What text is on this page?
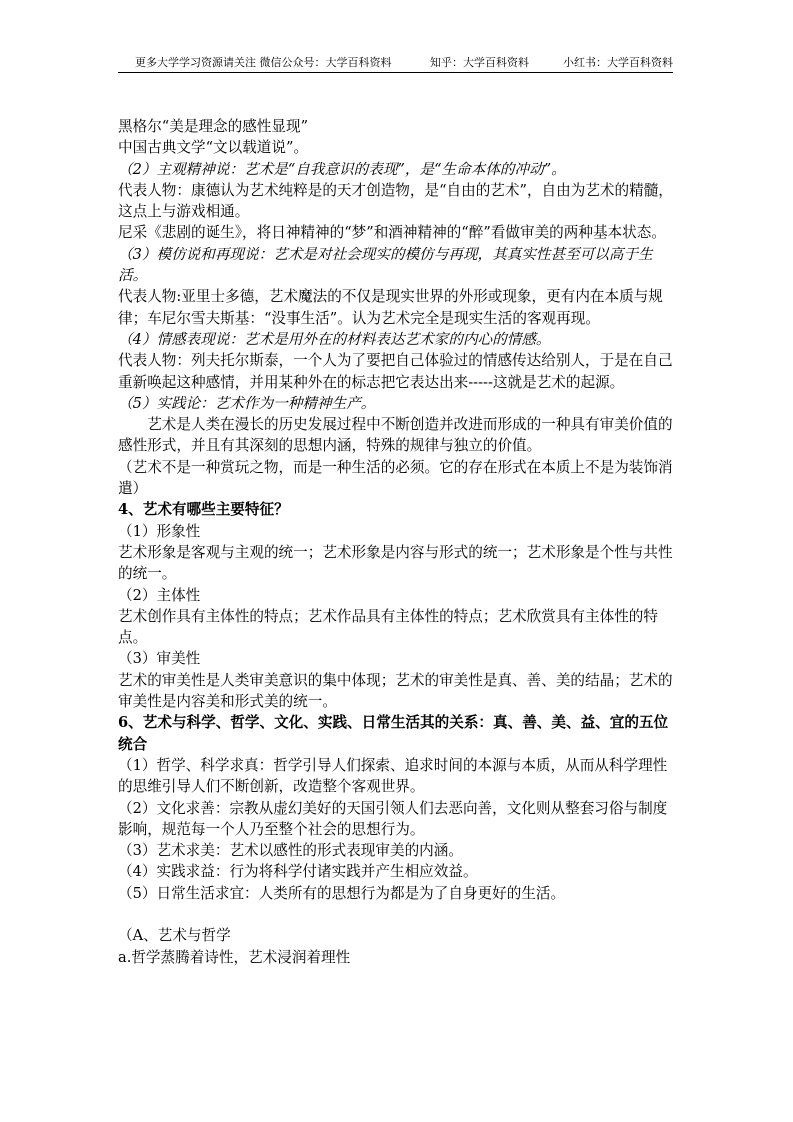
更多大学学习资源请关注 微信公众号：大学百科资料	知乎：大学百科资料	小红书：大学百科资料

黑格尔“美是理念的感性显现”

中国古典文学“文以载道说”。

（2）主观精神说：艺术是“自我意识的表现”，是“生命本体的冲动”。

代表人物：康德认为艺术纯粹是的天才创造物，是“自由的艺术”，自由为艺术的精髓，这点上与游戏相通。

尼采《悲剧的诞生》，将日神精神的“梦”和酒神精神的“醉”看做审美的两种基本状态。

（3）模仿说和再现说：艺术是对社会现实的模仿与再现，其真实性甚至可以高于生活。

代表人物:亚里士多德，艺术魔法的不仅是现实世界的外形或现象，更有内在本质与规律；车尼尔雪夫斯基：“没事生活”。认为艺术完全是现实生活的客观再现。

（4）情感表现说：艺术是用外在的材料表达艺术家的内心的情感。

代表人物：列夫托尔斯泰，一个人为了要把自己体验过的情感传达给别人，于是在自己重新唤起这种感情，并用某种外在的标志把它表达出来-----这就是艺术的起源。

（5）实践论：艺术作为一种精神生产。

艺术是人类在漫长的历史发展过程中不断创造并改进而形成的一种具有审美价值的感性形式，并且有其深刻的思想内涵，特殊的规律与独立的价值。

（艺术不是一种赏玩之物，而是一种生活的必须。它的存在形式在本质上不是为装饰消遣）

4、艺术有哪些主要特征？

（1）形象性

艺术形象是客观与主观的统一；艺术形象是内容与形式的统一；艺术形象是个性与共性的统一。

（2）主体性

艺术创作具有主体性的特点；艺术作品具有主体性的特点；艺术欣赏具有主体性的特点。

（3）审美性

艺术的审美性是人类审美意识的集中体现；艺术的审美性是真、善、美的结晶；艺术的审美性是内容美和形式美的统一。

6、艺术与科学、哲学、文化、实践、日常生活其的关系：真、善、美、益、宜的五位统合

（1）哲学、科学求真：哲学引导人们探索、追求时间的本源与本质，从而从科学理性的思维引导人们不断创新，改造整个客观世界。

（2）文化求善：宗教从虚幻美好的天国引领人们去恶向善，文化则从整套习俗与制度影响，规范每一个人乃至整个社会的思想行为。

（3）艺术求美：艺术以感性的形式表现审美的内涵。

（4）实践求益：行为将科学付诸实践并产生相应效益。

（5）日常生活求宜：人类所有的思想行为都是为了自身更好的生活。

（A、艺术与哲学

a.哲学蒸腾着诗性，艺术浸润着理性
